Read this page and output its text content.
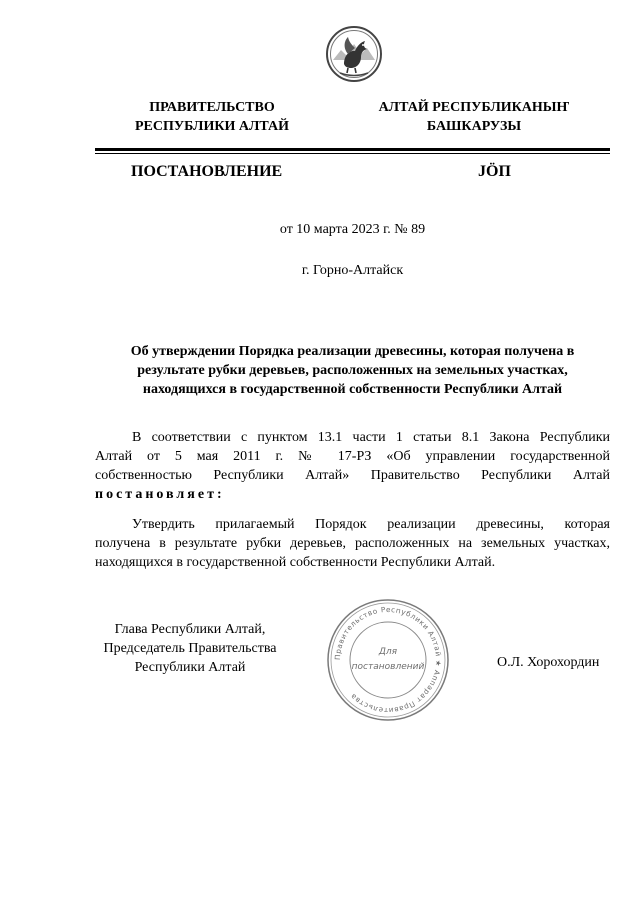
ПРАВИТЕЛЬСТВО
РЕСПУБЛИКИ АЛТАЙ
АЛТАЙ РЕСПУБЛИКАНЫҤ
БАШКАРУЗЫ
ПОСТАНОВЛЕНИЕ	JӦП
от 10 марта 2023 г. № 89
г. Горно-Алтайск
Об утверждении Порядка реализации древесины, которая получена в
результате рубки деревьев, расположенных на земельных участках,
находящихся в государственной собственности Республики Алтай
В соответствии с пунктом 13.1 части 1 статьи 8.1 Закона Республики
Алтай от 5 мая 2011 г. № 17-РЗ «Об управлении государственной
собственностью Республики Алтай» Правительство Республики Алтай
постановляет:
Утвердить прилагаемый Порядок реализации древесины, которая
получена в результате рубки деревьев, расположенных на земельных участках,
находящихся в государственной собственности Республики Алтай.
Глава Республики Алтай,
Председатель Правительства
Республики Алтай
Правительство Республики Алтай ★ Аппарат Правительства
Для
постановлений	О.Л. Хорохордин
